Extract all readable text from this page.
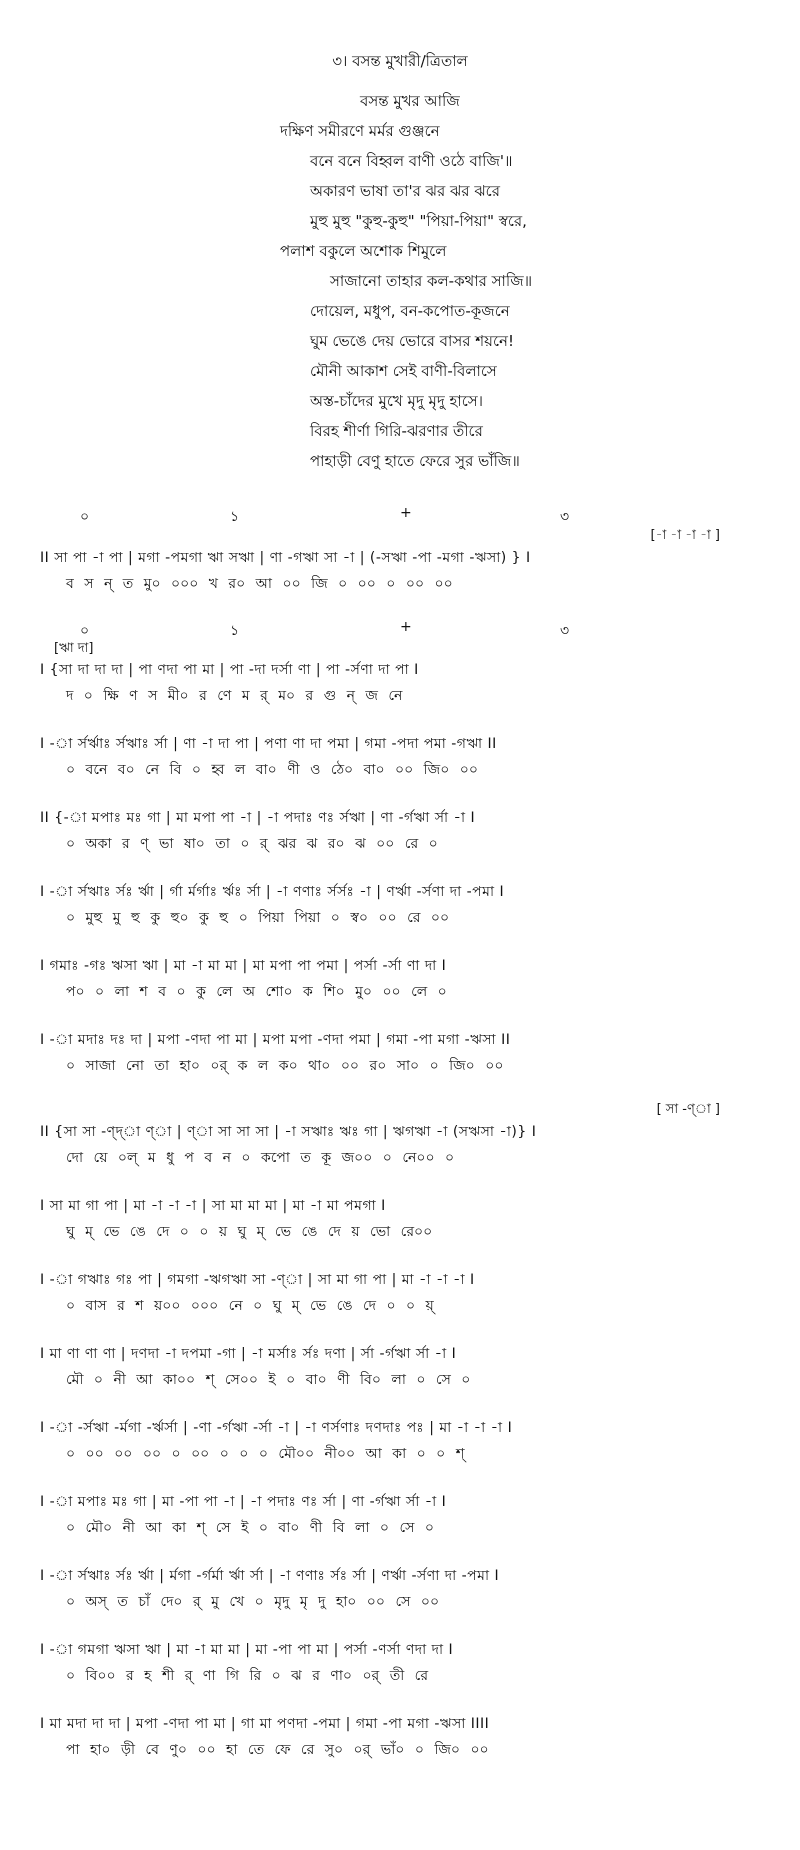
৩। বসন্ত মুখারী/ত্রিতাল
বসন্ত মুখর আজি
দক্ষিণ সমীরণে মর্মর গুঞ্জনে
বনে বনে বিহ্বল বাণী ওঠে বাজি'॥
অকারণ ভাষা তা'র ঝর ঝর ঝরে
মুহু মুহু "কুহু-কুহু" "পিয়া-পিয়া" স্বরে,
পলাশ বকুলে অশোক শিমুলে
সাজানো তাহার কল-কথার সাজি॥
দোয়েল, মধুপ, বন-কপোত-কূজনে
ঘুম ভেঙে দেয় ভোরে বাসর শয়নে!
মৌনী আকাশ সেই বাণী-বিলাসে
অস্ত-চাঁদের মুখে মৃদু মৃদু হাসে।
বিরহ শীর্ণা গিরি-ঝরণার তীরে
পাহাড়ী বেণু হাতে ফেরে সুর ভাঁজি॥
০	১	+	৩
[-া -া -া -া ]
II সা পা -া পা | মগা -পমগা ঋা সঋা | ণা -গঋা সা -া | (-সঋা -পা -মগা -ঋসা) } I
ব স ন্ ত মু০ ০০০ খ র০ আ ০০ জি ০ ০০ ০ ০০ ০০
০	১	+	৩
[ঋা দা]
I {সা দা দা দা | পা ণদা পা মা | পা -দা দর্সা ণা | পা -র্সণা দা পা I
দ ০ ক্ষি ণ স মী০ র ণে ম র্ ম০ র গু ন্ জ নে
I -া র্সর্ঋাঃ র্সঋাঃ র্সা | ণা -া দা পা | পণা ণা দা পমা | গমা -পদা পমা -গঋা II
০ বনে ব০ নে বি ০ হ্ব ল বা০ ণী ও ঠে০ বা০ ০০ জি০ ০০
II {-া মপাঃ মঃ গা | মা মপা পা -া | -া পদাঃ ণঃ র্সঋা | ণা -র্গঋা র্সা -া I
০ অকা র ণ্ ভা ষা০ তা ০ র্ ঝর ঝ র০ ঝ ০০ রে ০
I -া র্সঋাঃ র্সঃ র্ঋা | র্গা র্মর্গাঃ র্ঋঃ র্সা | -া ণণাঃ র্সর্সঃ -া | ণর্ঋা -র্সণা দা -পমা I
০ মুহু মু হু কু হু০ কু হু ০ পিয়া পিয়া ০ স্ব০ ০০ রে ০০
I গমাঃ -গঃ ঋসা ঋা | মা -া মা মা | মা মপা পা পমা | পর্সা -র্সা ণা দা I
প০ ০ লা শ ব ০ কু লে অ শো০ ক শি০ মু০ ০০ লে ০
I -া মদাঃ দঃ দা | মপা -ণদা পা মা | মপা মপা -ণদা পমা | গমা -পা মগা -ঋসা II
০ সাজা নো তা হা০ ০র্ ক ল ক০ থা০ ০০ র০ সা০ ০ জি০ ০০
[ সা -ণ্া ]
II {সা সা -ণ্দ্া ণ্া | ণ্া সা সা সা | -া সঋাঃ ঋঃ গা | ঋগঋা -া (সঋসা -া)} I
দো য়ে ০ল্ ম ধু প ব ন ০ কপো ত কূ জ০০ ০ নে০০ ০
I সা মা গা পা | মা -া -া -া | সা মা মা মা | মা -া মা পমগা I
ঘু ম্ ভে ঙে দে ০ ০ য় ঘু ম্ ভে ঙে দে য় ভো রে০০
I -া গঋাঃ গঃ পা | গমগা -ঋগঋা সা -ণ্া | সা মা গা পা | মা -া -া -া I
০ বাস র শ য়০০ ০০০ নে ০ ঘু ম্ ভে ঙে দে ০ ০ য়্
I মা ণা ণা ণা | দণদা -া দপমা -গা | -া মর্সাঃ র্সঃ দণা | র্সা -র্গঋা র্সা -া I
মৌ ০ নী আ কা০০ শ্ সে০০ ই ০ বা০ ণী বি০ লা ০ সে ০
I -া -র্সঋা -র্মগা -র্ঋর্সা | -ণা -র্গঋা -র্সা -া | -া ণর্সণাঃ দণদাঃ পঃ | মা -া -া -া I
০ ০০ ০০ ০০ ০ ০০ ০ ০ ০ মৌ০০ নী০০ আ কা ০ ০ শ্
I -া মপাঃ মঃ গা | মা -পা পা -া | -া পদাঃ ণঃ র্সা | ণা -র্গঋা র্সা -া I
০ মৌ০ নী আ কা শ্ সে ই ০ বা০ ণী বি লা ০ সে ০
I -া র্সঋাঃ র্সঃ র্ঋা | র্মগা -র্গর্মা র্ঋা র্সা | -া ণণাঃ র্সঃ র্সা | ণর্ঋা -র্সণা দা -পমা I
০ অস্ ত চাঁ দে০ র্ মু খে ০ মৃদু মৃ দু হা০ ০০ সে ০০
I -া গমগা ঋসা ঋা | মা -া মা মা | মা -পা পা মা | পর্সা -ণর্সা ণদা দা I
০ বি০০ র হ শী র্ ণা গি রি ০ ঝ র ণা০ ০র্ তী রে
I মা মদা দা দা | মপা -ণদা পা মা | গা মা পণদা -পমা | গমা -পা মগা -ঋসা IIII
পা হা০ ড়ী বে ণু০ ০০ হা তে ফে রে সু০ ০র্ ভাঁ০ ০ জি০ ০০
